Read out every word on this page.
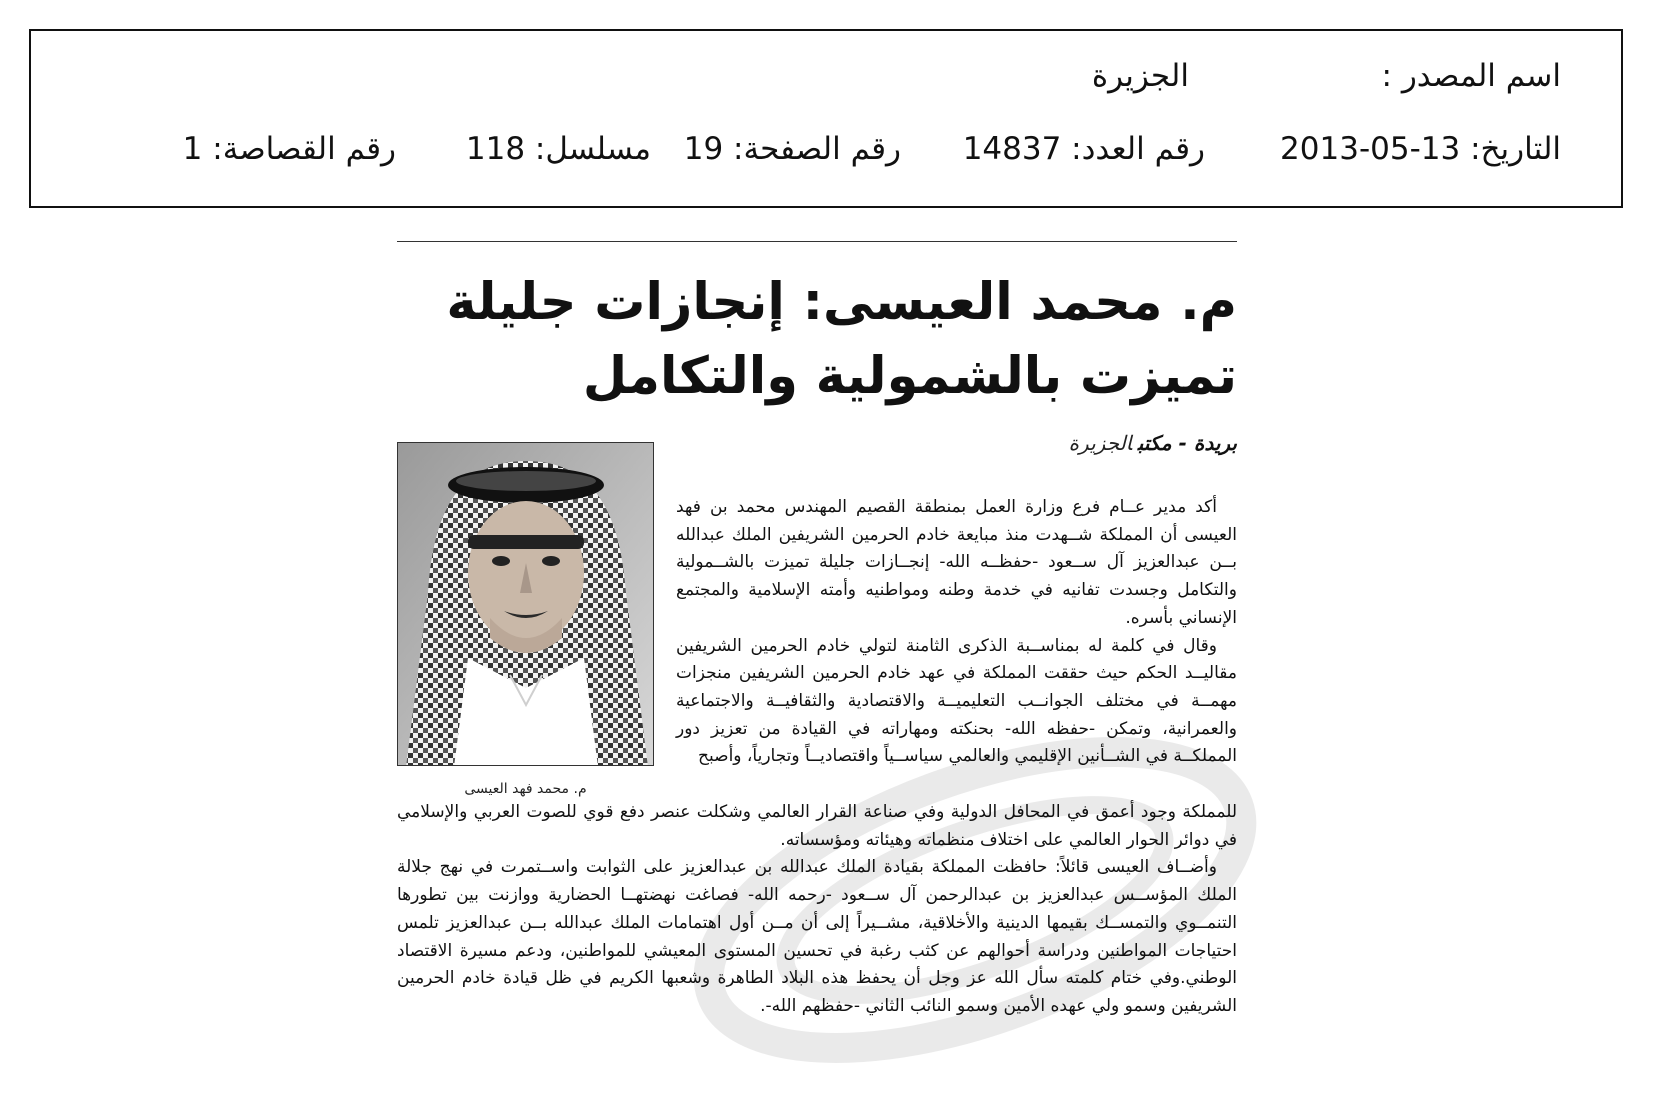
اسم المصدر :
الجزيرة
التاريخ: 13-05-2013
رقم العدد: 14837
رقم الصفحة: 19
مسلسل: 118
رقم القصاصة: 1
م. محمد العيسى: إنجازات جليلة تميزت بالشمولية والتكامل
بريدة - مكتبالجزيرة
م. محمد فهد العيسى

أكد مدير عــام فرع وزارة العمل بمنطقة القصيم المهندس محمد بن فهد العيسى أن المملكة شــهدت منذ مبايعة خادم الحرمين الشريفين الملك عبدالله بــن عبدالعزيز آل ســعود -حفظــه الله- إنجــازات جليلة تميزت بالشــمولية والتكامل وجسدت تفانيه في خدمة وطنه ومواطنيه وأمته الإسلامية والمجتمع الإنساني بأسره.

وقال في كلمة له بمناســبة الذكرى الثامنة لتولي خادم الحرمين الشريفين مقاليــد الحكم حيث حققت المملكة في عهد خادم الحرمين الشريفين منجزات مهمــة في مختلف الجوانــب التعليميــة والاقتصادية والثقافيــة والاجتماعية والعمرانية، وتمكن -حفظه الله- بحنكته ومهاراته في القيادة من تعزيز دور المملكــة في الشــأنين الإقليمي والعالمي سياســياً واقتصاديــاً وتجارياً، وأصبح

للمملكة وجود أعمق في المحافل الدولية وفي صناعة القرار العالمي وشكلت عنصر دفع قوي للصوت العربي والإسلامي في دوائر الحوار العالمي على اختلاف منظماته وهيئاته ومؤسساته.

وأضــاف العيسى قائلاً: حافظت المملكة بقيادة الملك عبدالله بن عبدالعزيز على الثوابت واســتمرت في نهج جلالة الملك المؤســس عبدالعزيز بن عبدالرحمن آل ســعود -رحمه الله- فصاغت نهضتهــا الحضارية ووازنت بين تطورها التنمــوي والتمســك بقيمها الدينية والأخلاقية، مشــيراً إلى أن مــن أول اهتمامات الملك عبدالله بــن عبدالعزيز تلمس احتياجات المواطنين ودراسة أحوالهم عن كثب رغبة في تحسين المستوى المعيشي للمواطنين، ودعم مسيرة الاقتصاد الوطني.وفي ختام كلمته سأل الله عز وجل أن يحفظ هذه البلاد الطاهرة وشعبها الكريم في ظل قيادة خادم الحرمين الشريفين وسمو ولي عهده الأمين وسمو النائب الثاني -حفظهم الله-.
